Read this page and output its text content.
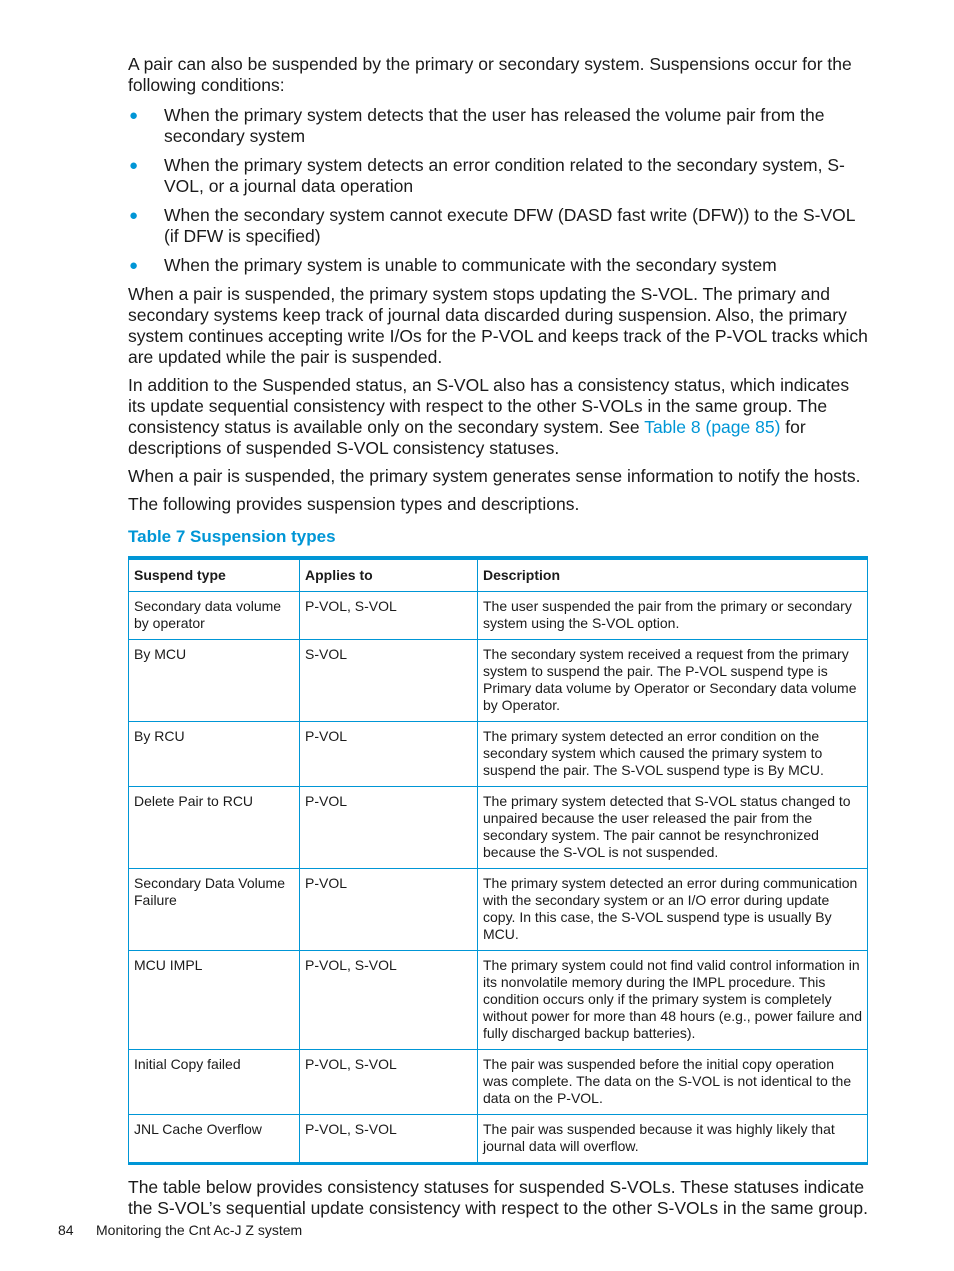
A pair can also be suspended by the primary or secondary system. Suspensions occur for the following conditions:

● When the primary system detects that the user has released the volume pair from the secondary system
● When the primary system detects an error condition related to the secondary system, S-VOL, or a journal data operation
● When the secondary system cannot execute DFW (DASD fast write (DFW)) to the S-VOL (if DFW is specified)
● When the primary system is unable to communicate with the secondary system

When a pair is suspended, the primary system stops updating the S-VOL. The primary and secondary systems keep track of journal data discarded during suspension. Also, the primary system continues accepting write I/Os for the P-VOL and keeps track of the P-VOL tracks which are updated while the pair is suspended.

In addition to the Suspended status, an S-VOL also has a consistency status, which indicates its update sequential consistency with respect to the other S-VOLs in the same group. The consistency status is available only on the secondary system. See Table 8 (page 85) for descriptions of suspended S-VOL consistency statuses.

When a pair is suspended, the primary system generates sense information to notify the hosts.

The following provides suspension types and descriptions.

Table 7 Suspension types
Suspend type	Applies to	Description
Secondary data volume by operator	P-VOL, S-VOL	The user suspended the pair from the primary or secondary system using the S-VOL option.
By MCU	S-VOL	The secondary system received a request from the primary system to suspend the pair. The P-VOL suspend type is Primary data volume by Operator or Secondary data volume by Operator.
By RCU	P-VOL	The primary system detected an error condition on the secondary system which caused the primary system to suspend the pair. The S-VOL suspend type is By MCU.
Delete Pair to RCU	P-VOL	The primary system detected that S-VOL status changed to unpaired because the user released the pair from the secondary system. The pair cannot be resynchronized because the S-VOL is not suspended.
Secondary Data Volume Failure	P-VOL	The primary system detected an error during communication with the secondary system or an I/O error during update copy. In this case, the S-VOL suspend type is usually By MCU.
MCU IMPL	P-VOL, S-VOL	The primary system could not find valid control information in its nonvolatile memory during the IMPL procedure. This condition occurs only if the primary system is completely without power for more than 48 hours (e.g., power failure and fully discharged backup batteries).
Initial Copy failed	P-VOL, S-VOL	The pair was suspended before the initial copy operation was complete. The data on the S-VOL is not identical to the data on the P-VOL.
JNL Cache Overflow	P-VOL, S-VOL	The pair was suspended because it was highly likely that journal data will overflow.

The table below provides consistency statuses for suspended S-VOLs. These statuses indicate the S-VOL’s sequential update consistency with respect to the other S-VOLs in the same group.

84 Monitoring the Cnt Ac-J Z system
